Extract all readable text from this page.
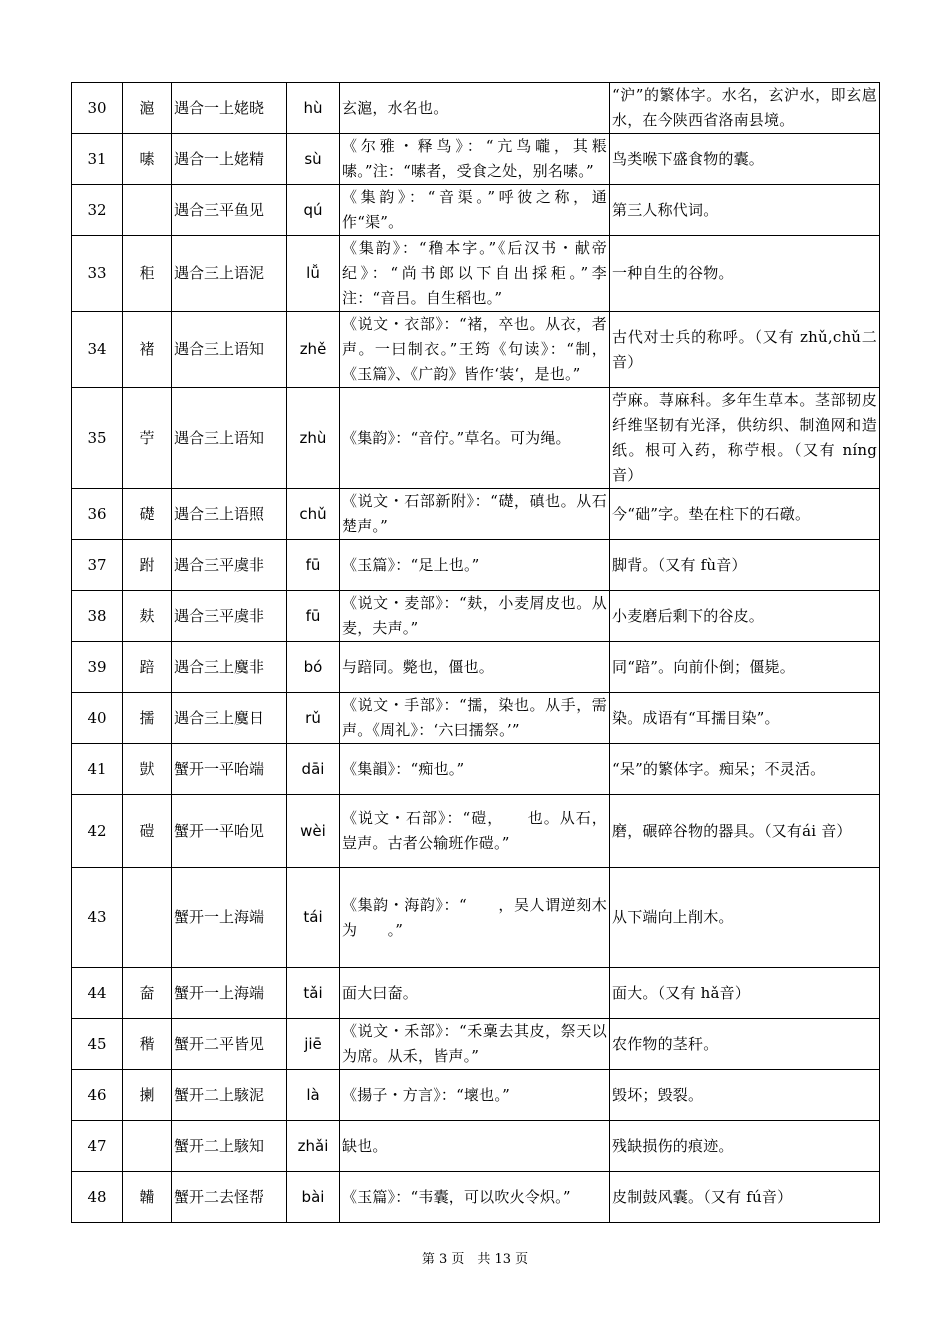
30	滬	遇合一上姥晓	hù	玄滬，水名也。	“沪”的繁体字。水名，玄沪水，即玄扈水，在今陕西省洛南县境。
31	嗉	遇合一上姥精	sù	《尔雅・释鸟》：“亢鸟嚨，其粻嗉。”注：“嗉者，受食之处，别名嗉。”	鸟类喉下盛食物的囊。
32		遇合三平鱼见	qú	《集韵》：“音渠。”呼彼之称，通作“渠”。	第三人称代词。
33	秬	遇合三上语泥	lǚ	《集韵》：“穞本字。”《后汉书・献帝纪》：“尚书郎以下自出採秬。”李注：“音吕。自生稻也。”	一种自生的谷物。
34	褚	遇合三上语知	zhě	《说文・衣部》：“褚，卒也。从衣，者声。一曰制衣。”王筠《句读》：“制，《玉篇》、《广韵》皆作‘装‘，是也。”	古代对士兵的称呼。（又有 zhǔ,chǔ二音）
35	苧	遇合三上语知	zhù	《集韵》：“音佇。”草名。可为绳。	苧麻。荨麻科。多年生草本。茎部韧皮纤维坚韧有光泽，供纺织、制渔网和造纸。根可入药，称苧根。（又有 níng 音）
36	礎	遇合三上语照	chǔ	《说文・石部新附》：“礎，磌也。从石楚声。”	今“础”字。垫在柱下的石礅。
37	跗	遇合三平虞非	fū	《玉篇》：“足上也。”	脚背。（又有 fù音）
38	麸	遇合三平虞非	fū	《说文・麦部》：“麸，小麦屑皮也。从麦，夫声。”	小麦磨后剩下的谷皮。
39	踣	遇合三上麌非	bó	与踣同。斃也，僵也。	同“踣”。向前仆倒；僵毙。
40	擩	遇合三上麌日	rǔ	《说文・手部》：“擩，染也。从手，需声。《周礼》：‘六曰擩祭。’”	染。成语有“耳擩目染”。
41	獃	蟹开一平咍端	dāi	《集韻》：“痴也。”	“呆”的繁体字。痴呆；不灵活。
42	磑	蟹开一平咍见	wèi	《说文・石部》：“磑，　　也。从石，豈声。古者公输班作磑。”	磨，碾碎谷物的器具。（又有ái 音）
43		蟹开一上海端	tái	《集韵・海韵》：“　　，吴人谓逆刻木为　　。”	从下端向上削木。
44	奤	蟹开一上海端	tǎi	面大曰奤。	面大。（又有 hǎ音）
45	稭	蟹开二平皆见	jiē	《说文・禾部》：“禾稾去其皮，祭天以为席。从禾，皆声。”	农作物的茎秆。
46	揦	蟹开二上駭泥	là	《揚子・方言》：“壞也。”	毁坏；毁裂。
47		蟹开二上駭知	zhǎi	缺也。	残缺损伤的痕迹。
48	韛	蟹开二去怪帮	bài	《玉篇》：“韦囊，可以吹火令炽。”	皮制鼓风囊。（又有 fú音）
第 3 页　共 13 页
